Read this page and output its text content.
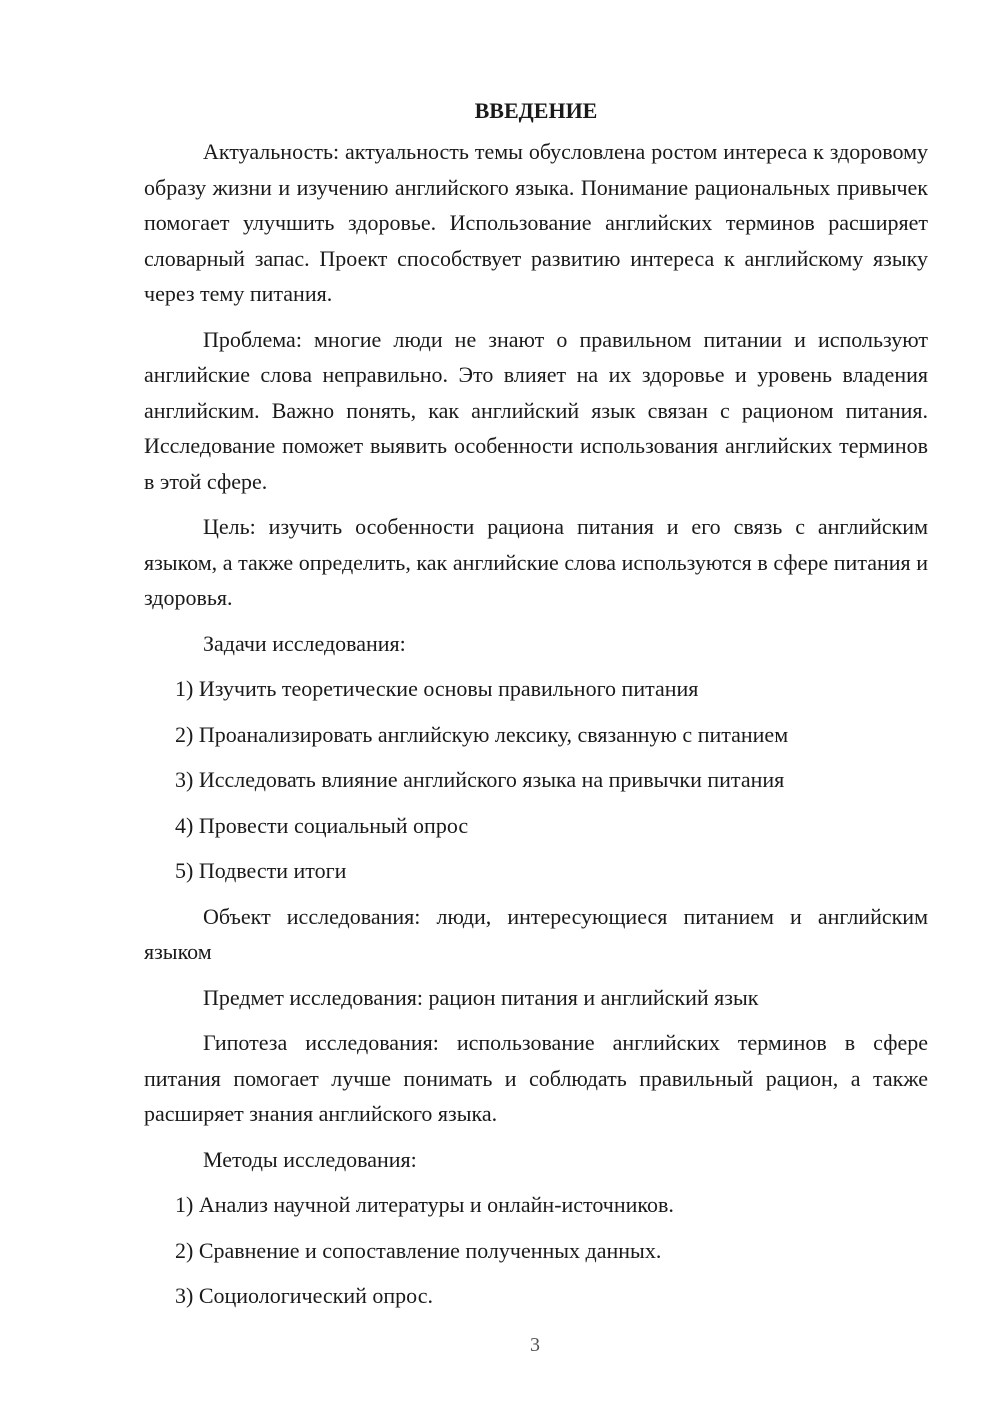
ВВЕДЕНИЕ

Актуальность: актуальность темы обусловлена ростом интереса к здоровому образу жизни и изучению английского языка. Понимание рациональных привычек помогает улучшить здоровье. Использование английских терминов расширяет словарный запас. Проект способствует развитию интереса к английскому языку через тему питания.

Проблема: многие люди не знают о правильном питании и используют английские слова неправильно. Это влияет на их здоровье и уровень владения английским. Важно понять, как английский язык связан с рационом питания. Исследование поможет выявить особенности использования английских терминов в этой сфере.

Цель: изучить особенности рациона питания и его связь с английским языком, а также определить, как английские слова используются в сфере питания и здоровья.

Задачи исследования:

1) Изучить теоретические основы правильного питания

2) Проанализировать английскую лексику, связанную с питанием

3) Исследовать влияние английского языка на привычки питания

4) Провести социальный опрос

5) Подвести итоги

Объект исследования: люди, интересующиеся питанием и английским языком

Предмет исследования: рацион питания и английский язык

Гипотеза исследования: использование английских терминов в сфере питания помогает лучше понимать и соблюдать правильный рацион, а также расширяет знания английского языка.

Методы исследования:

1) Анализ научной литературы и онлайн-источников.

2) Сравнение и сопоставление полученных данных.

3) Социологический опрос.

3
